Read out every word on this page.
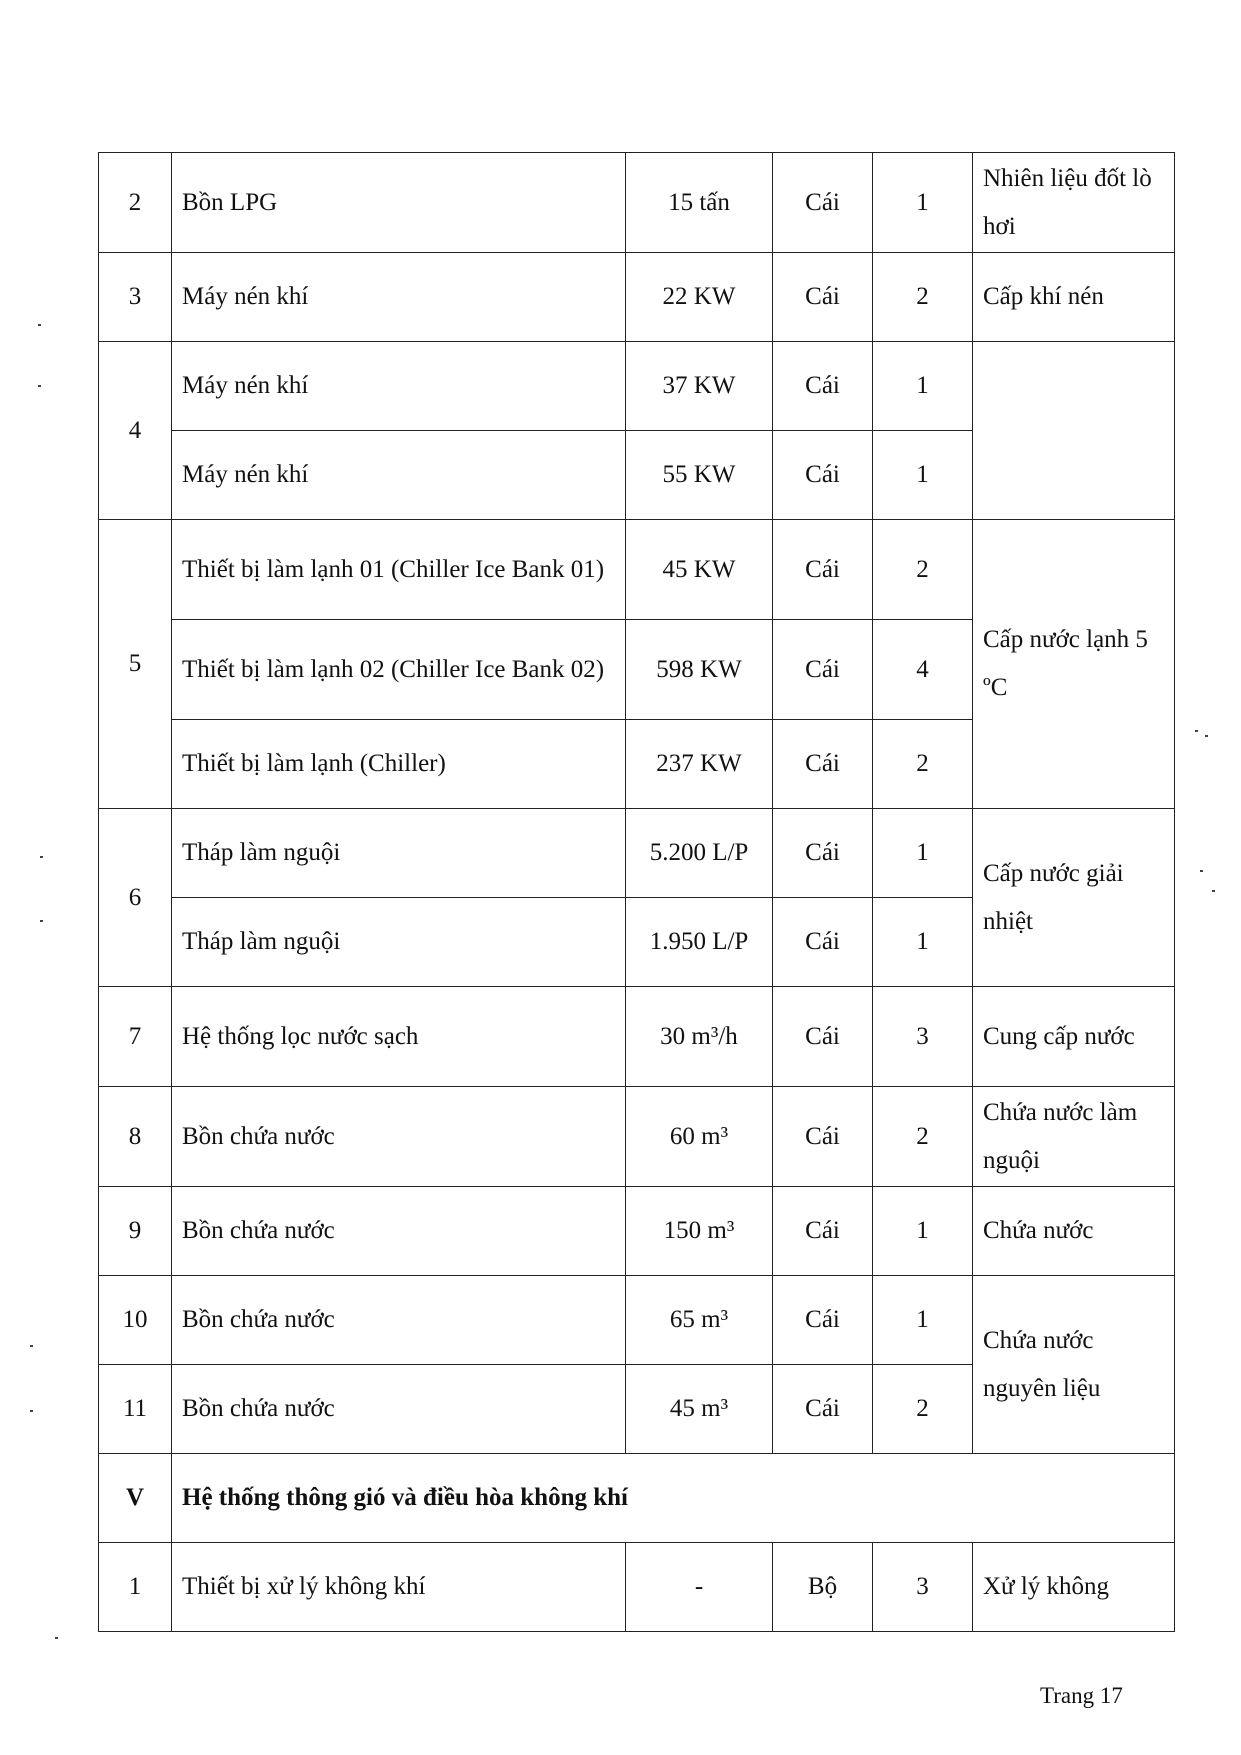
2	Bồn LPG	15 tấn	Cái	1	Nhiên liệu đốt lò hơi
3	Máy nén khí	22 KW	Cái	2	Cấp khí nén
4	Máy nén khí	37 KW	Cái	1	
	Máy nén khí	55 KW	Cái	1	
5	Thiết bị làm lạnh 01 (Chiller Ice Bank 01)	45 KW	Cái	2	Cấp nước lạnh 5 ºC
	Thiết bị làm lạnh 02 (Chiller Ice Bank 02)	598 KW	Cái	4	
	Thiết bị làm lạnh (Chiller)	237 KW	Cái	2	
6	Tháp làm nguội	5.200 L/P	Cái	1	Cấp nước giải nhiệt
	Tháp làm nguội	1.950 L/P	Cái	1	
7	Hệ thống lọc nước sạch	30 m³/h	Cái	3	Cung cấp nước
8	Bồn chứa nước	60 m³	Cái	2	Chứa nước làm nguội
9	Bồn chứa nước	150 m³	Cái	1	Chứa nước
10	Bồn chứa nước	65 m³	Cái	1	Chứa nước nguyên liệu
11	Bồn chứa nước	45 m³	Cái	2	
V	Hệ thống thông gió và điều hòa không khí				
1	Thiết bị xử lý không khí	-	Bộ	3	Xử lý không
Trang 17
